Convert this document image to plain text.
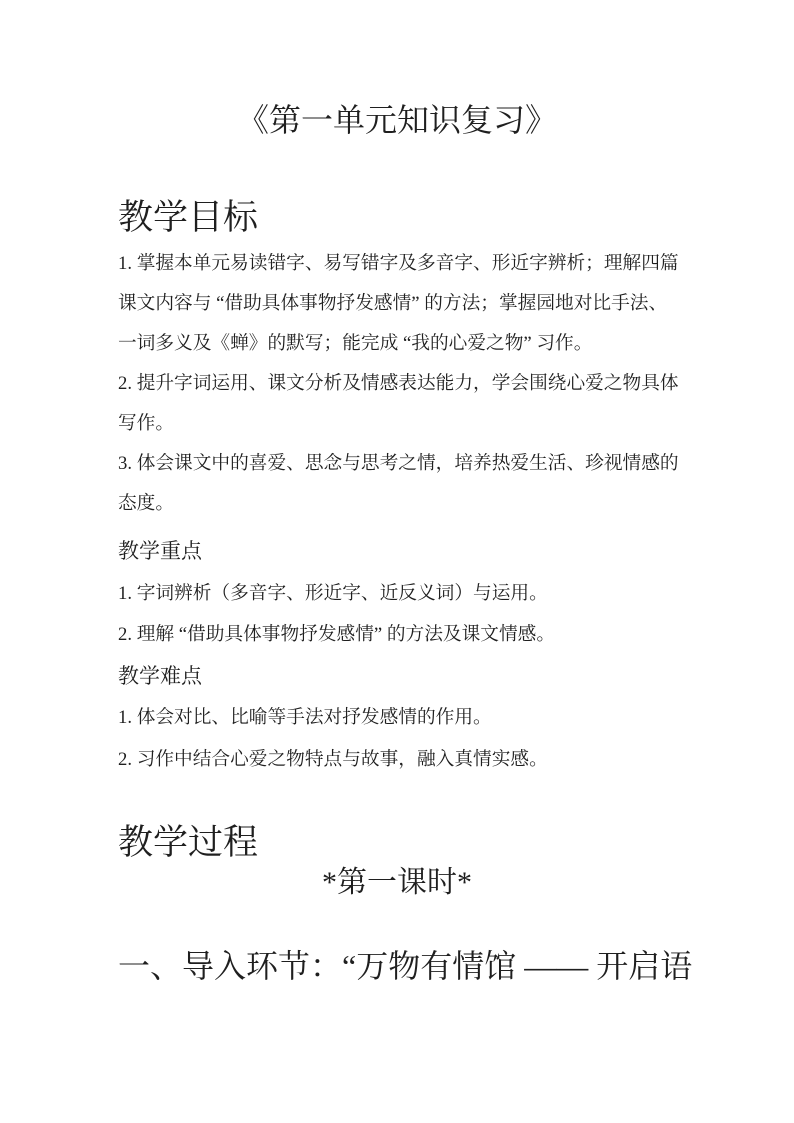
《第一单元知识复习》
教学目标
1. 掌握本单元易读错字、易写错字及多音字、形近字辨析；理解四篇
课文内容与 “借助具体事物抒发感情” 的方法；掌握园地对比手法、
一词多义及《蝉》的默写；能完成 “我的心爱之物” 习作。
2. 提升字词运用、课文分析及情感表达能力，学会围绕心爱之物具体
写作。
3. 体会课文中的喜爱、思念与思考之情，培养热爱生活、珍视情感的
态度。
教学重点
1. 字词辨析（多音字、形近字、近反义词）与运用。
2. 理解 “借助具体事物抒发感情” 的方法及课文情感。
教学难点
1. 体会对比、比喻等手法对抒发感情的作用。
2. 习作中结合心爱之物特点与故事，融入真情实感。
教学过程
*第一课时*
一、导入环节：“万物有情馆 —— 开启语
